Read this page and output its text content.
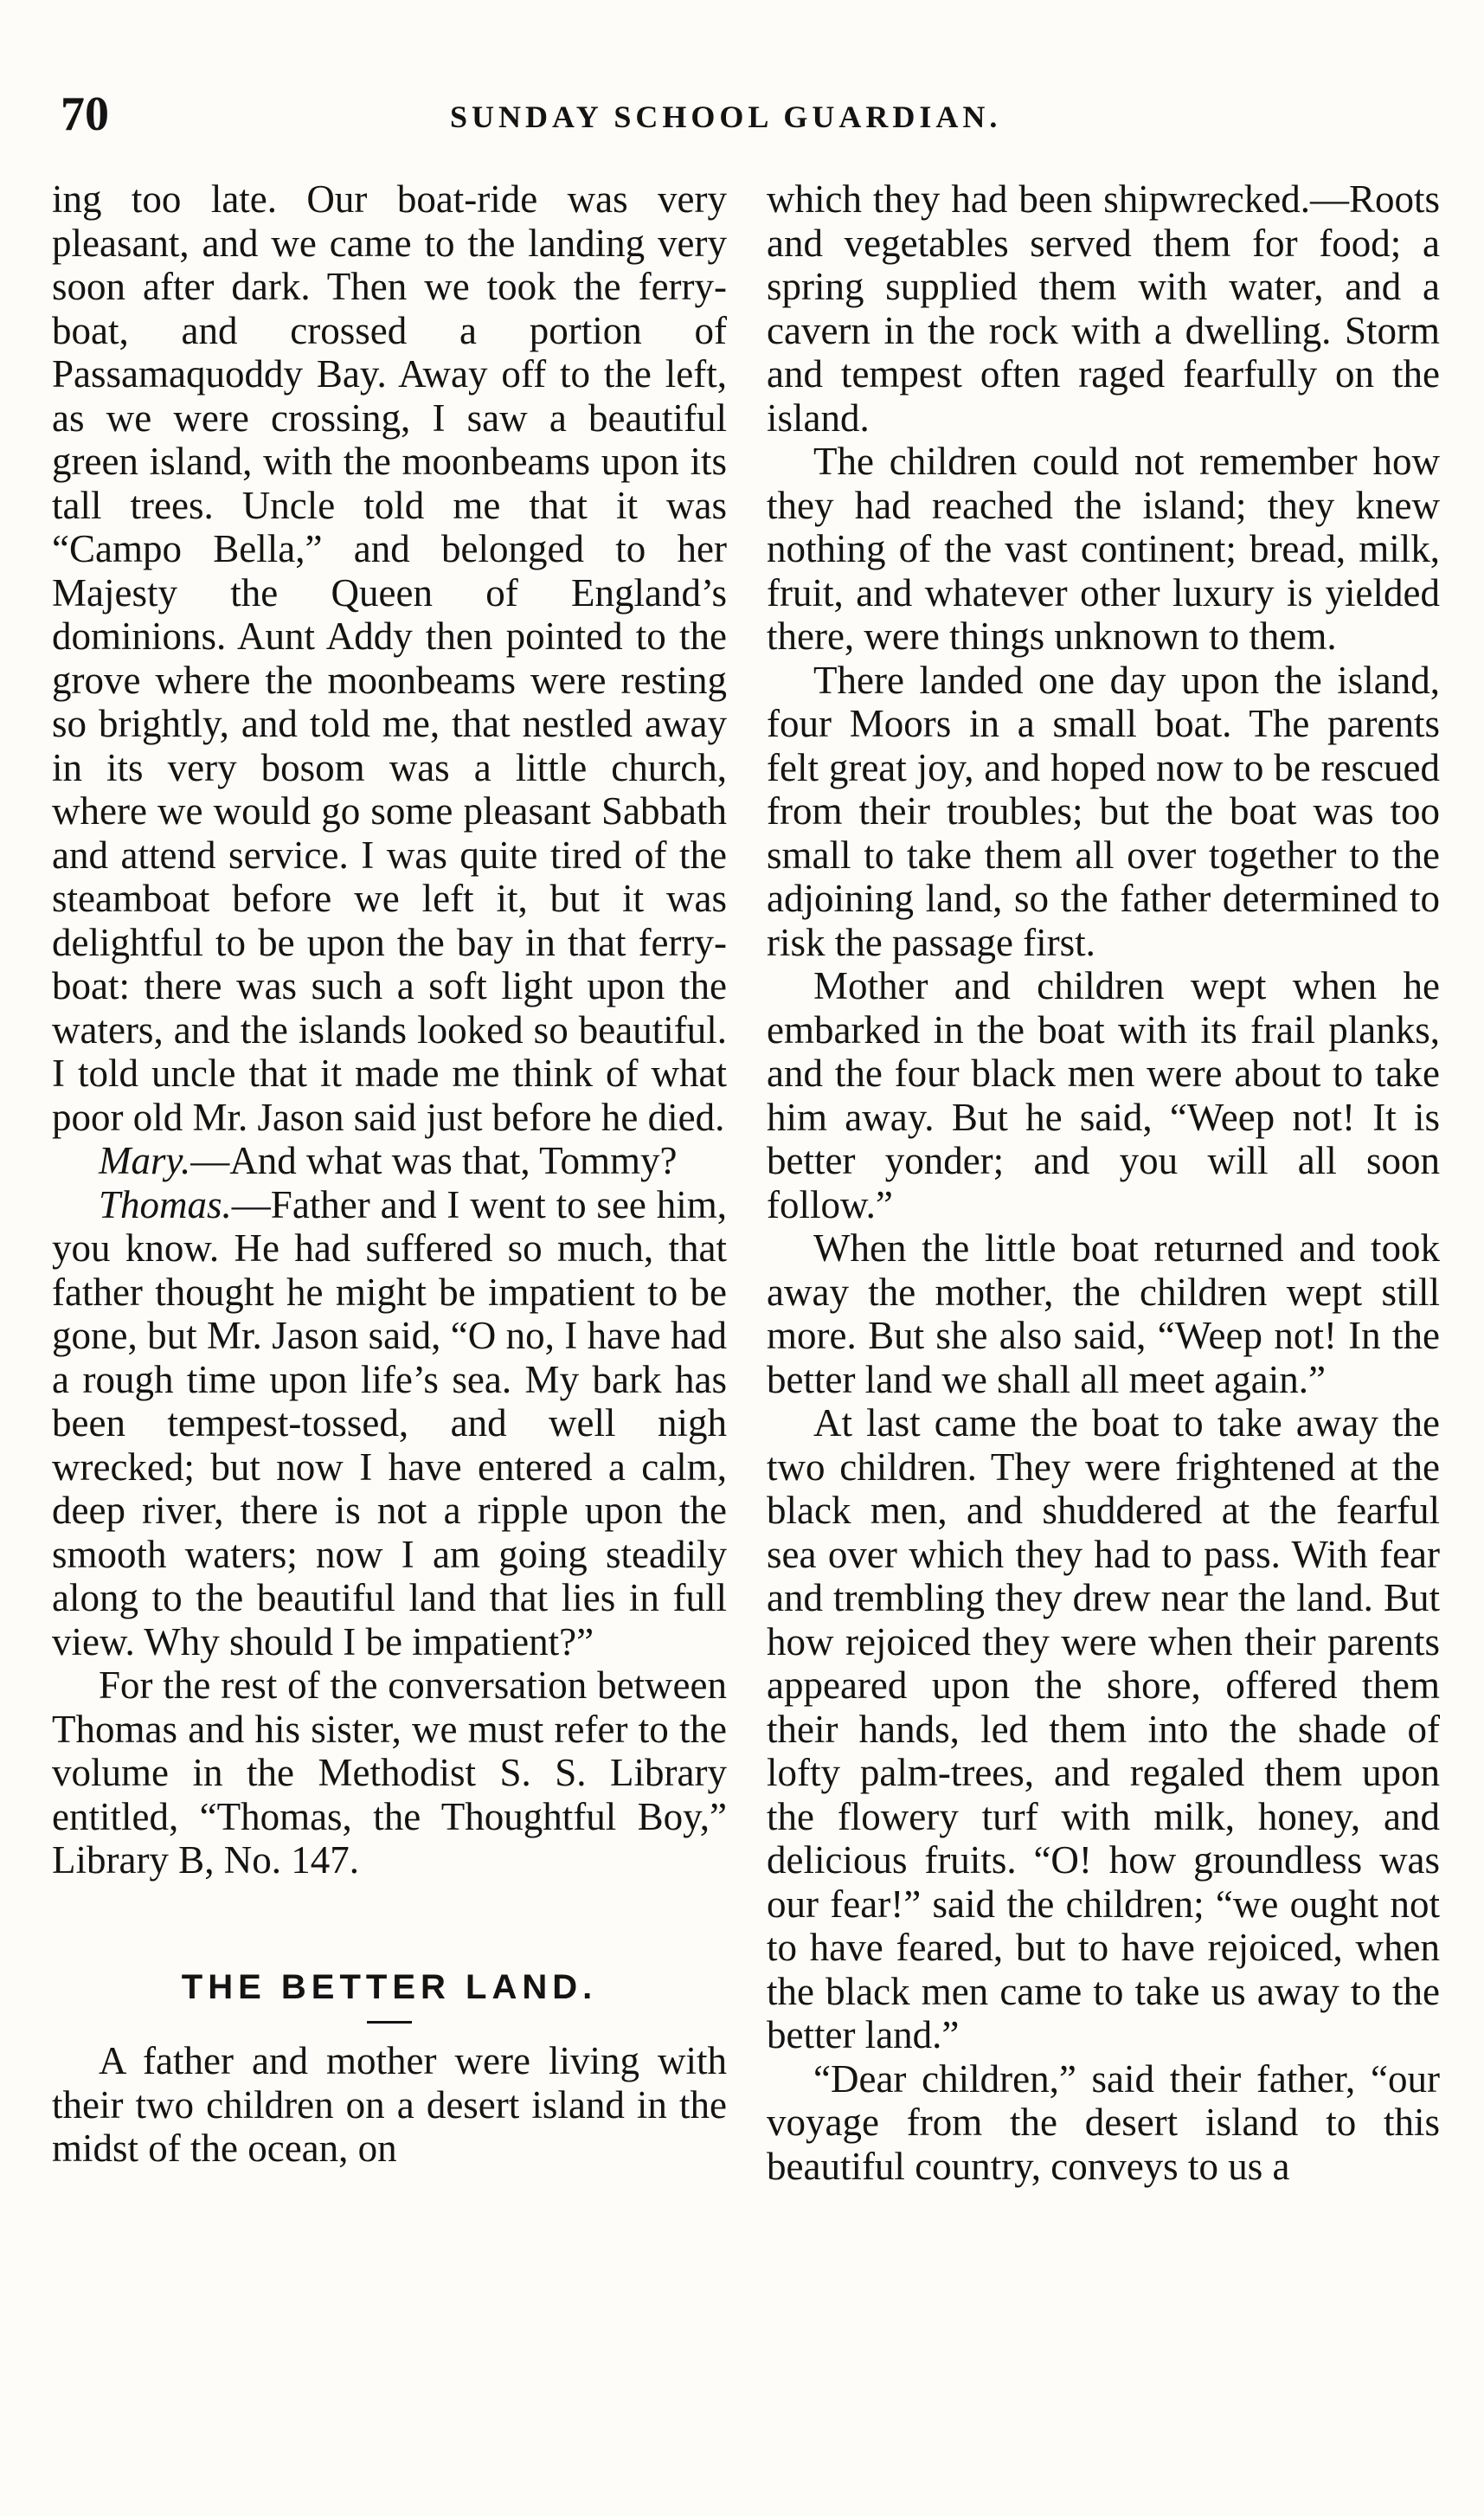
70	SUNDAY SCHOOL GUARDIAN.

ing too late. Our boat-ride was very pleasant, and we came to the landing very soon after dark. Then we took the ferry-boat, and crossed a portion of Passamaquoddy Bay. Away off to the left, as we were crossing, I saw a beautiful green island, with the moonbeams upon its tall trees. Uncle told me that it was “Campo Bella,” and belonged to her Majesty the Queen of England’s dominions. Aunt Addy then pointed to the grove where the moonbeams were resting so brightly, and told me, that nestled away in its very bosom was a little church, where we would go some pleasant Sabbath and attend service. I was quite tired of the steamboat before we left it, but it was delightful to be upon the bay in that ferry-boat: there was such a soft light upon the waters, and the islands looked so beautiful. I told uncle that it made me think of what poor old Mr. Jason said just before he died.

Mary.—And what was that, Tommy?

Thomas.—Father and I went to see him, you know. He had suffered so much, that father thought he might be impatient to be gone, but Mr. Jason said, “O no, I have had a rough time upon life’s sea. My bark has been tempest-tossed, and well nigh wrecked; but now I have entered a calm, deep river, there is not a ripple upon the smooth waters; now I am going steadily along to the beautiful land that lies in full view. Why should I be impatient?”

For the rest of the conversation between Thomas and his sister, we must refer to the volume in the Methodist S. S. Library entitled, “Thomas, the Thoughtful Boy,” Library B, No. 147.

THE BETTER LAND.

A father and mother were living with their two children on a desert island in the midst of the ocean, on

which they had been shipwrecked.—Roots and vegetables served them for food; a spring supplied them with water, and a cavern in the rock with a dwelling. Storm and tempest often raged fearfully on the island.

The children could not remember how they had reached the island; they knew nothing of the vast continent; bread, milk, fruit, and whatever other luxury is yielded there, were things unknown to them.

There landed one day upon the island, four Moors in a small boat. The parents felt great joy, and hoped now to be rescued from their troubles; but the boat was too small to take them all over together to the adjoining land, so the father determined to risk the passage first.

Mother and children wept when he embarked in the boat with its frail planks, and the four black men were about to take him away. But he said, “Weep not! It is better yonder; and you will all soon follow.”

When the little boat returned and took away the mother, the children wept still more. But she also said, “Weep not! In the better land we shall all meet again.”

At last came the boat to take away the two children. They were frightened at the black men, and shuddered at the fearful sea over which they had to pass. With fear and trembling they drew near the land. But how rejoiced they were when their parents appeared upon the shore, offered them their hands, led them into the shade of lofty palm-trees, and regaled them upon the flowery turf with milk, honey, and delicious fruits. “O! how groundless was our fear!” said the children; “we ought not to have feared, but to have rejoiced, when the black men came to take us away to the better land.”

“Dear children,” said their father, “our voyage from the desert island to this beautiful country, conveys to us a
